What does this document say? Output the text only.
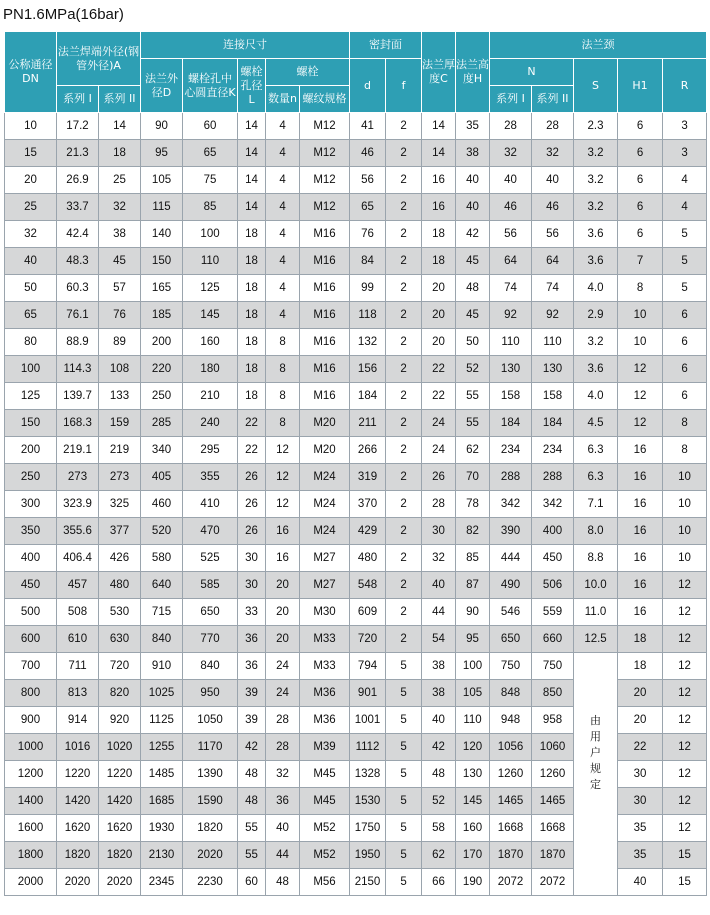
PN1.6MPa(16bar)
公称通径DN	法兰焊端外径(钢管外径)A		连接尺寸					密封面		法兰厚度C	法兰高度H	法兰颈				
			法兰外径D	螺栓孔中心圆直径K	螺栓孔径L	螺栓		d	f			N		S	H1	R
	系列 I	系列 II				数量n	螺纹规格					系列 I	系列 II			
10	17.2	14	90	60	14	4	M12	41	2	14	35	28	28	2.3	6	3
15	21.3	18	95	65	14	4	M12	46	2	14	38	32	32	3.2	6	3
20	26.9	25	105	75	14	4	M12	56	2	16	40	40	40	3.2	6	4
25	33.7	32	115	85	14	4	M12	65	2	16	40	46	46	3.2	6	4
32	42.4	38	140	100	18	4	M16	76	2	18	42	56	56	3.6	6	5
40	48.3	45	150	110	18	4	M16	84	2	18	45	64	64	3.6	7	5
50	60.3	57	165	125	18	4	M16	99	2	20	48	74	74	4.0	8	5
65	76.1	76	185	145	18	4	M16	118	2	20	45	92	92	2.9	10	6
80	88.9	89	200	160	18	8	M16	132	2	20	50	110	110	3.2	10	6
100	114.3	108	220	180	18	8	M16	156	2	22	52	130	130	3.6	12	6
125	139.7	133	250	210	18	8	M16	184	2	22	55	158	158	4.0	12	6
150	168.3	159	285	240	22	8	M20	211	2	24	55	184	184	4.5	12	8
200	219.1	219	340	295	22	12	M20	266	2	24	62	234	234	6.3	16	8
250	273	273	405	355	26	12	M24	319	2	26	70	288	288	6.3	16	10
300	323.9	325	460	410	26	12	M24	370	2	28	78	342	342	7.1	16	10
350	355.6	377	520	470	26	16	M24	429	2	30	82	390	400	8.0	16	10
400	406.4	426	580	525	30	16	M27	480	2	32	85	444	450	8.8	16	10
450	457	480	640	585	30	20	M27	548	2	40	87	490	506	10.0	16	12
500	508	530	715	650	33	20	M30	609	2	44	90	546	559	11.0	16	12
600	610	630	840	770	36	20	M33	720	2	54	95	650	660	12.5	18	12
700	711	720	910	840	36	24	M33	794	5	38	100	750	750	由用户规定	18	12
800	813	820	1025	950	39	24	M36	901	5	38	105	848	850		20	12
900	914	920	1125	1050	39	28	M36	1001	5	40	110	948	958		20	12
1000	1016	1020	1255	1170	42	28	M39	1112	5	42	120	1056	1060		22	12
1200	1220	1220	1485	1390	48	32	M45	1328	5	48	130	1260	1260		30	12
1400	1420	1420	1685	1590	48	36	M45	1530	5	52	145	1465	1465		30	12
1600	1620	1620	1930	1820	55	40	M52	1750	5	58	160	1668	1668		35	12
1800	1820	1820	2130	2020	55	44	M52	1950	5	62	170	1870	1870		35	15
2000	2020	2020	2345	2230	60	48	M56	2150	5	66	190	2072	2072		40	15
